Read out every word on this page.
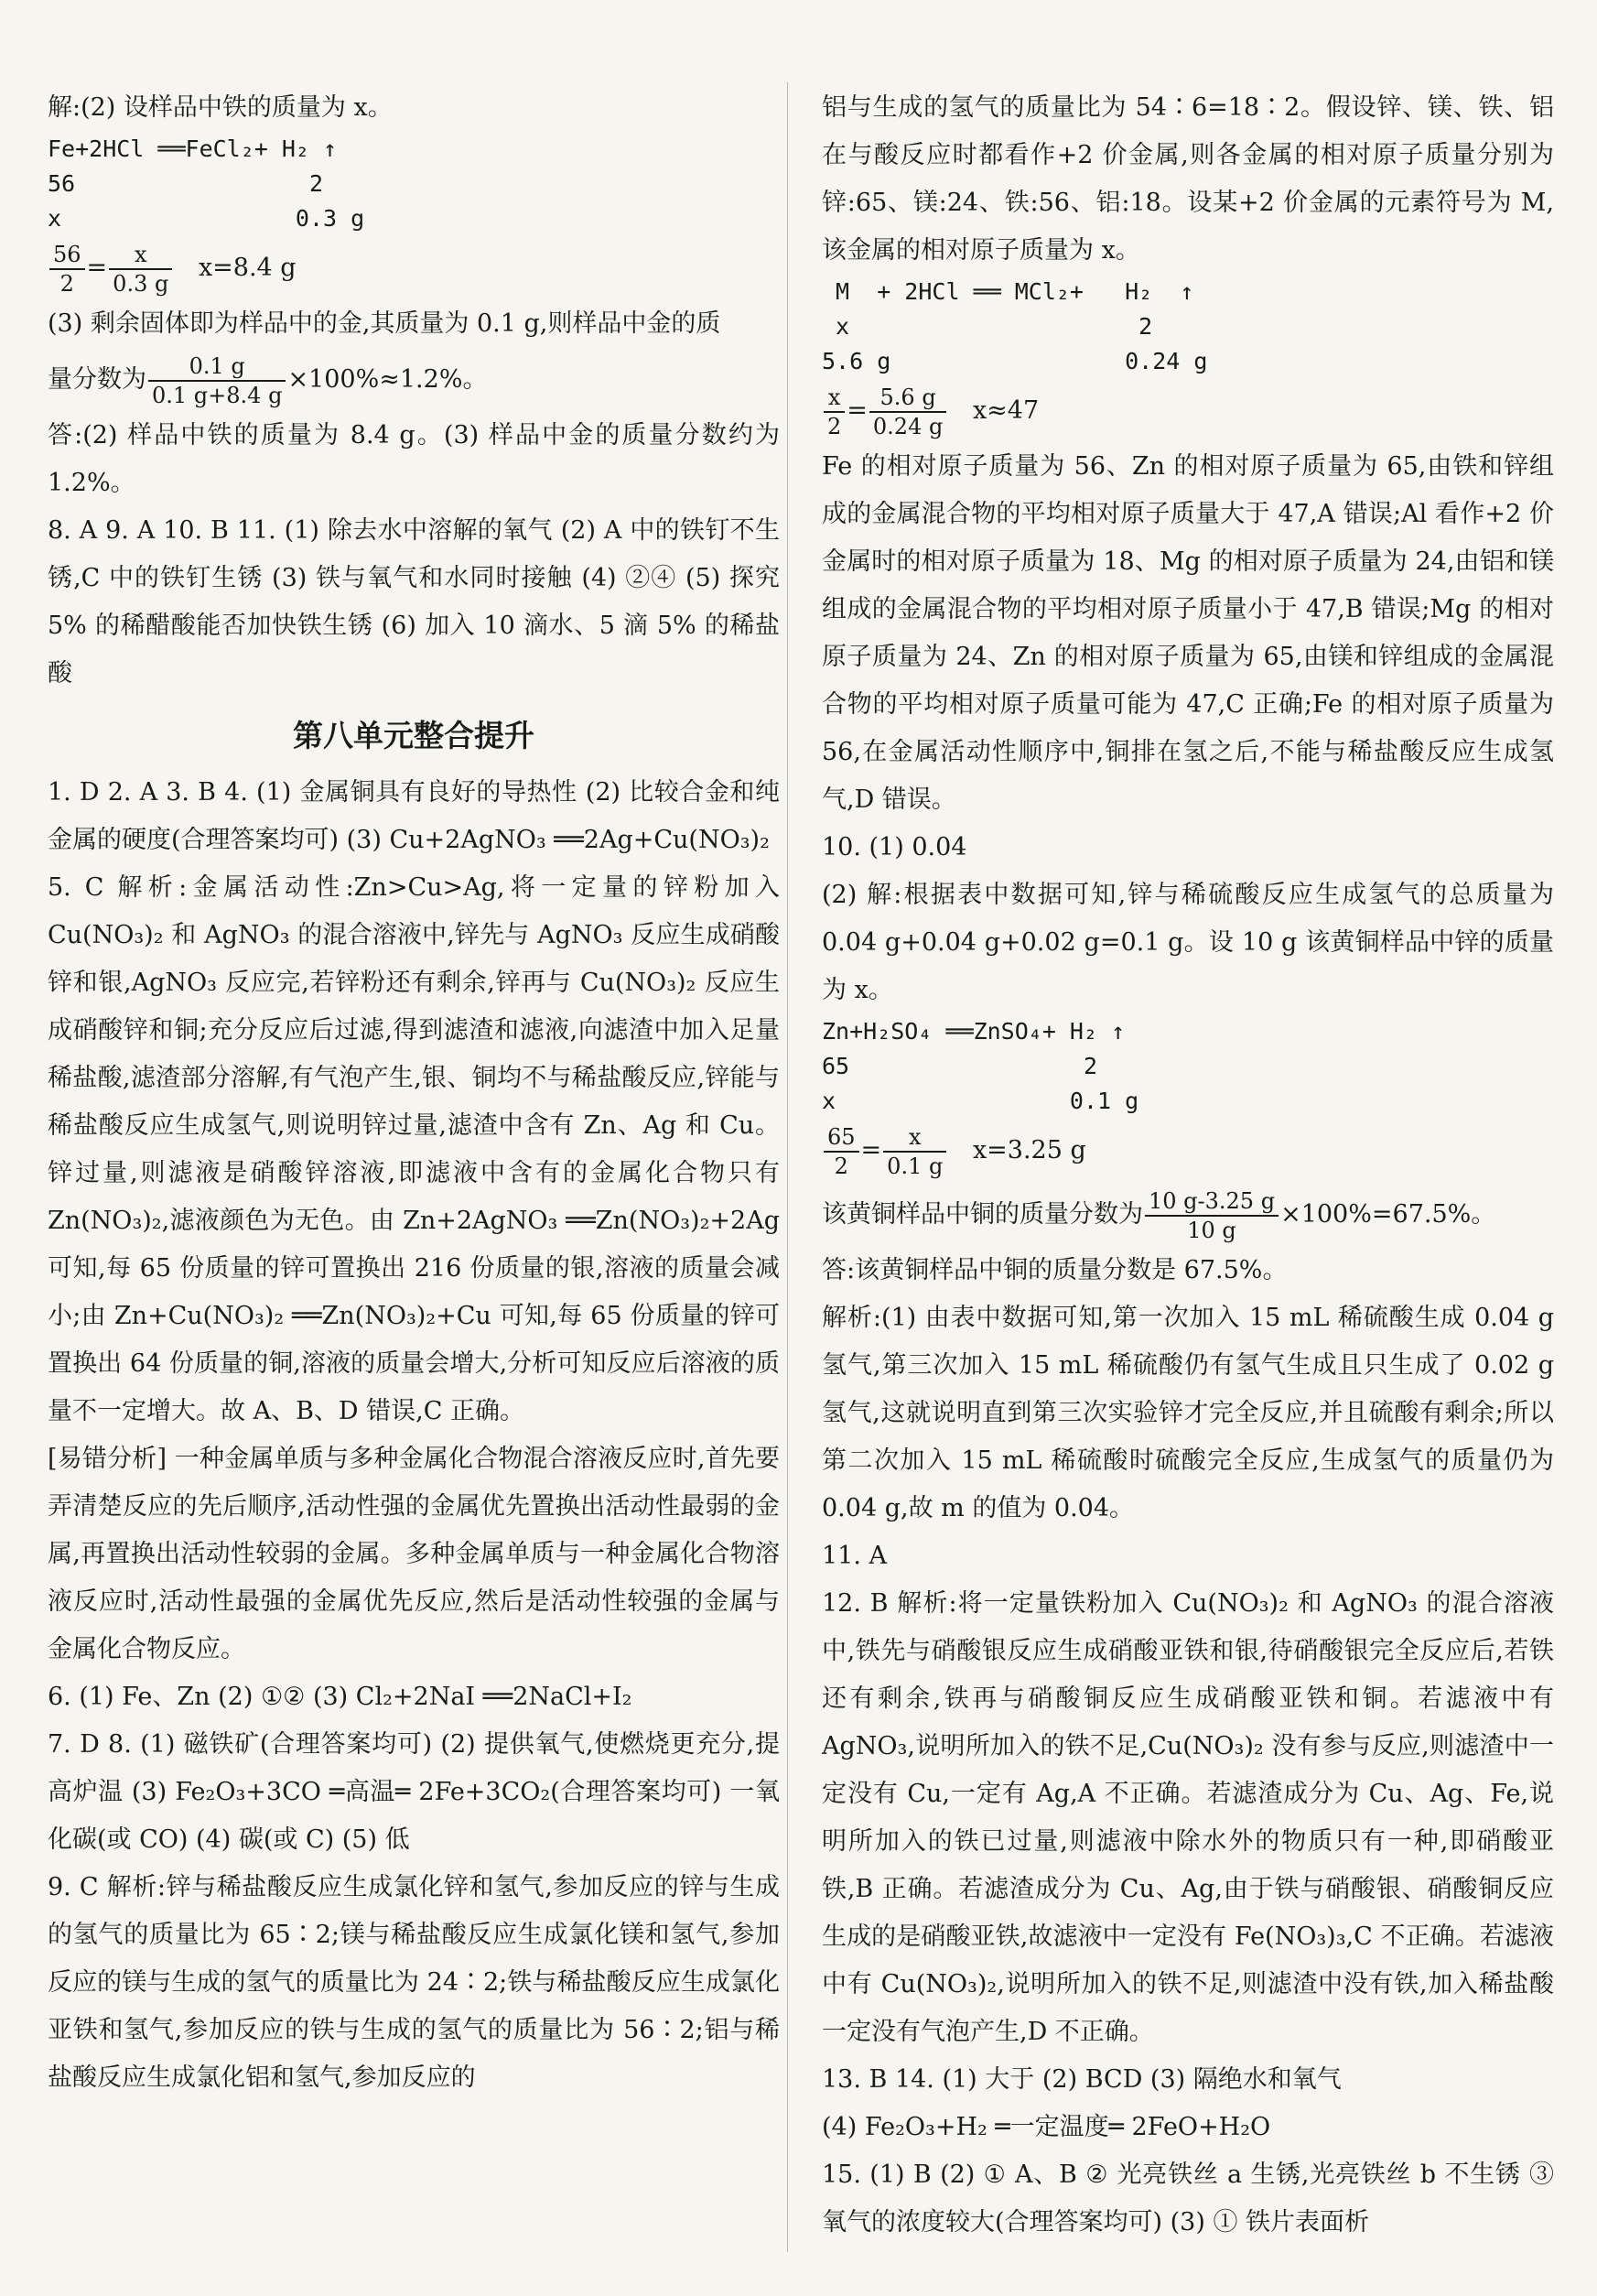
解:(2) 设样品中铁的质量为 x。

Fe+2HCl ══FeCl₂+ H₂ ↑
56                 2
x                 0.3 g

$\frac{56}{2} = \frac{x}{0.3 g} x=8.4$ g

(3) 剩余固体即为样品中的金,其质量为 0.1 g,则样品中金的质

量分数为 $\frac{0.1 g}{0.1 g+8.4 g} \times 100\%\approx 1.2\%$。

答:(2) 样品中铁的质量为 8.4 g。(3) 样品中金的质量分数约为 1.2%。

8. A 9. A 10. B 11. (1) 除去水中溶解的氧气 (2) A 中的铁钉不生锈,C 中的铁钉生锈 (3) 铁与氧气和水同时接触 (4) ②④ (5) 探究 5% 的稀醋酸能否加快铁生锈 (6) 加入 10 滴水、5 滴 5% 的稀盐酸

第八单元整合提升

1. D 2. A 3. B 4. (1) 金属铜具有良好的导热性 (2) 比较合金和纯金属的硬度(合理答案均可) (3) Cu+2AgNO₃ ══2Ag+Cu(NO₃)₂

5. C 解析:金属活动性:Zn>Cu>Ag,将一定量的锌粉加入 Cu(NO₃)₂ 和 AgNO₃ 的混合溶液中,锌先与 AgNO₃ 反应生成硝酸锌和银,AgNO₃ 反应完,若锌粉还有剩余,锌再与 Cu(NO₃)₂ 反应生成硝酸锌和铜;充分反应后过滤,得到滤渣和滤液,向滤渣中加入足量稀盐酸,滤渣部分溶解,有气泡产生,银、铜均不与稀盐酸反应,锌能与稀盐酸反应生成氢气,则说明锌过量,滤渣中含有 Zn、Ag 和 Cu。锌过量,则滤液是硝酸锌溶液,即滤液中含有的金属化合物只有 Zn(NO₃)₂,滤液颜色为无色。由 Zn+2AgNO₃ ══Zn(NO₃)₂+2Ag 可知,每 65 份质量的锌可置换出 216 份质量的银,溶液的质量会减小;由 Zn+Cu(NO₃)₂ ══Zn(NO₃)₂+Cu 可知,每 65 份质量的锌可置换出 64 份质量的铜,溶液的质量会增大,分析可知反应后溶液的质量不一定增大。故 A、B、D 错误,C 正确。

[易错分析] 一种金属单质与多种金属化合物混合溶液反应时,首先要弄清楚反应的先后顺序,活动性强的金属优先置换出活动性最弱的金属,再置换出活动性较弱的金属。多种金属单质与一种金属化合物溶液反应时,活动性最强的金属优先反应,然后是活动性较强的金属与金属化合物反应。

6. (1) Fe、Zn (2) ①② (3) Cl₂+2NaI ══2NaCl+I₂

7. D 8. (1) 磁铁矿(合理答案均可) (2) 提供氧气,使燃烧更充分,提高炉温 (3) Fe₂O₃+3CO ═高温═ 2Fe+3CO₂(合理答案均可) 一氧化碳(或 CO) (4) 碳(或 C) (5) 低

9. C 解析:锌与稀盐酸反应生成氯化锌和氢气,参加反应的锌与生成的氢气的质量比为 65∶2;镁与稀盐酸反应生成氯化镁和氢气,参加反应的镁与生成的氢气的质量比为 24∶2;铁与稀盐酸反应生成氯化亚铁和氢气,参加反应的铁与生成的氢气的质量比为 56∶2;铝与稀盐酸反应生成氯化铝和氢气,参加反应的

铝与生成的氢气的质量比为 54∶6=18∶2。假设锌、镁、铁、铝在与酸反应时都看作+2 价金属,则各金属的相对原子质量分别为锌:65、镁:24、铁:56、铝:18。设某+2 价金属的元素符号为 M,该金属的相对原子质量为 x。

M  + 2HCl ══ MCl₂+   H₂  ↑
x                     2
5.6 g                 0.24 g

$\frac{x}{2} = \frac{5.6 g}{0.24 g} x\approx 47$

Fe 的相对原子质量为 56、Zn 的相对原子质量为 65,由铁和锌组成的金属混合物的平均相对原子质量大于 47,A 错误;Al 看作+2 价金属时的相对原子质量为 18、Mg 的相对原子质量为 24,由铝和镁组成的金属混合物的平均相对原子质量小于 47,B 错误;Mg 的相对原子质量为 24、Zn 的相对原子质量为 65,由镁和锌组成的金属混合物的平均相对原子质量可能为 47,C 正确;Fe 的相对原子质量为 56,在金属活动性顺序中,铜排在氢之后,不能与稀盐酸反应生成氢气,D 错误。

10. (1) 0.04

(2) 解:根据表中数据可知,锌与稀硫酸反应生成氢气的总质量为 0.04 g+0.04 g+0.02 g=0.1 g。设 10 g 该黄铜样品中锌的质量为 x。

Zn+H₂SO₄ ══ZnSO₄+ H₂ ↑
65                 2
x                 0.1 g

$\frac{65}{2} = \frac{x}{0.1 g} x=3.25$ g
该黄铜样品中铜的质量分数为 $\frac{10 g-3.25 g}{10 g} \times 100\%=67.5\%$。

答:该黄铜样品中铜的质量分数是 67.5%。

解析:(1) 由表中数据可知,第一次加入 15 mL 稀硫酸生成 0.04 g 氢气,第三次加入 15 mL 稀硫酸仍有氢气生成且只生成了 0.02 g 氢气,这就说明直到第三次实验锌才完全反应,并且硫酸有剩余;所以第二次加入 15 mL 稀硫酸时硫酸完全反应,生成氢气的质量仍为 0.04 g,故 m 的值为 0.04。

11. A

12. B 解析:将一定量铁粉加入 Cu(NO₃)₂ 和 AgNO₃ 的混合溶液中,铁先与硝酸银反应生成硝酸亚铁和银,待硝酸银完全反应后,若铁还有剩余,铁再与硝酸铜反应生成硝酸亚铁和铜。若滤液中有 AgNO₃,说明所加入的铁不足,Cu(NO₃)₂ 没有参与反应,则滤渣中一定没有 Cu,一定有 Ag,A 不正确。若滤渣成分为 Cu、Ag、Fe,说明所加入的铁已过量,则滤液中除水外的物质只有一种,即硝酸亚铁,B 正确。若滤渣成分为 Cu、Ag,由于铁与硝酸银、硝酸铜反应生成的是硝酸亚铁,故滤液中一定没有 Fe(NO₃)₃,C 不正确。若滤液中有 Cu(NO₃)₂,说明所加入的铁不足,则滤渣中没有铁,加入稀盐酸一定没有气泡产生,D 不正确。

13. B 14. (1) 大于 (2) BCD (3) 隔绝水和氧气

(4) Fe₂O₃+H₂ ═一定温度═ 2FeO+H₂O

15. (1) B (2) ① A、B ② 光亮铁丝 a 生锈,光亮铁丝 b 不生锈 ③ 氧气的浓度较大(合理答案均可) (3) ① 铁片表面析
